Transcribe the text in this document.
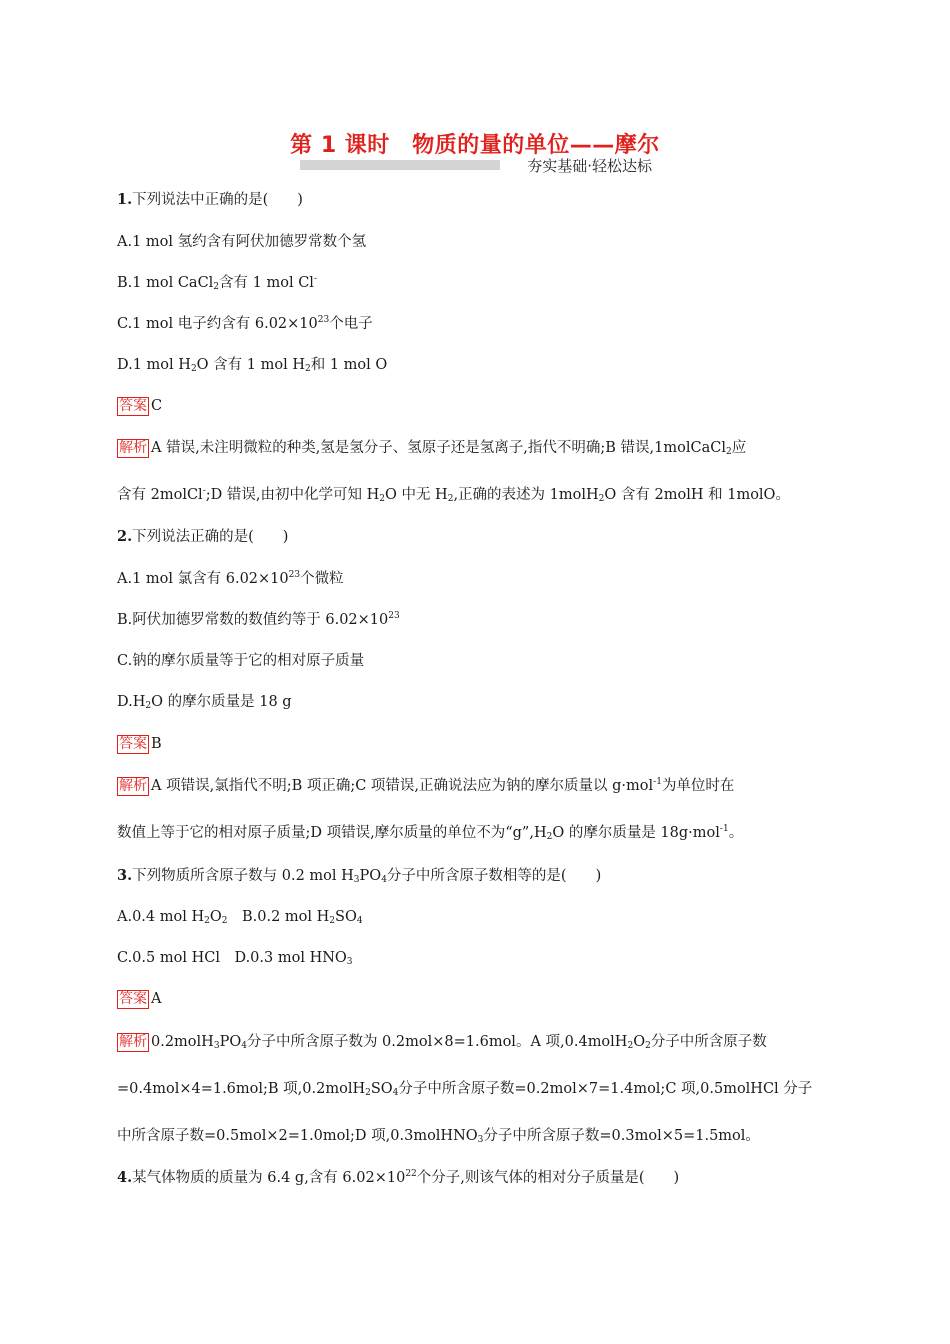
第 1 课时　物质的量的单位——摩尔
夯实基础·轻松达标
1.下列说法中正确的是(　　)
A.1 mol 氢约含有阿伏加德罗常数个氢
B.1 mol CaCl$_2$含有 1 mol Cl-
C.1 mol 电子约含有 $6.02\times 10^{23}$个电子
D.1 mol $H_2O$ 含有 1 mol $H_2$和 1 mol O
答案 C
解析 A 错误,未注明微粒的种类,氢是氢分子、氢原子还是氢离子,指代不明确;B 错误,1molCaCl$_2$应
含有 2molCl-;D 错误,由初中化学可知 $H_2O$ 中无 $H_2$,正确的表述为 1molH$_2$O 含有 2molH 和 1molO。
2.下列说法正确的是(　　)
A.1 mol 氯含有 $6.02\times 10^{23}$个微粒
B.阿伏加德罗常数的数值约等于 $6.02\times 10^{23}$
C.钠的摩尔质量等于它的相对原子质量
$D.H_2O$ 的摩尔质量是 18 g
答案 B
解析 A 项错误,氯指代不明;B 项正确;C 项错误,正确说法应为钠的摩尔质量以 g·mol$^{-1}$为单位时在
数值上等于它的相对原子质量;D 项错误,摩尔质量的单位不为“$g”,H_2O$ 的摩尔质量是 18g·mol$^{-1}$。
3.下列物质所含原子数与 0.2 mol $H_3PO_4$分子中所含原子数相等的是(　　)
A.0.4 mol $H_2O_2$　B.0.2 mol $H_2SO_4$
C.0.5 mol HCl　D.0.3 mol $HNO_3$
答案 A
解析 $0.2molH_3PO_4$分子中所含原子数为 0.2mol×8=1.6mol。A 项$,0.4molH_2O_2$分子中所含原子数
=0.4mol×4=1.6mol;B 项$,0.2molH_2SO_4$分子中所含原子数=0.2mol×7=1.4mol;C 项,0.5molHCl 分子
中所含原子数=0.5mol×2=1.0mol;D 项,0.3molHNO$_3$分子中所含原子数=0.3mol×5=1.5mol。
4.某气体物质的质量为 6.4 g,含有 $6.02\times 10^{22}$个分子,则该气体的相对分子质量是(　　)
